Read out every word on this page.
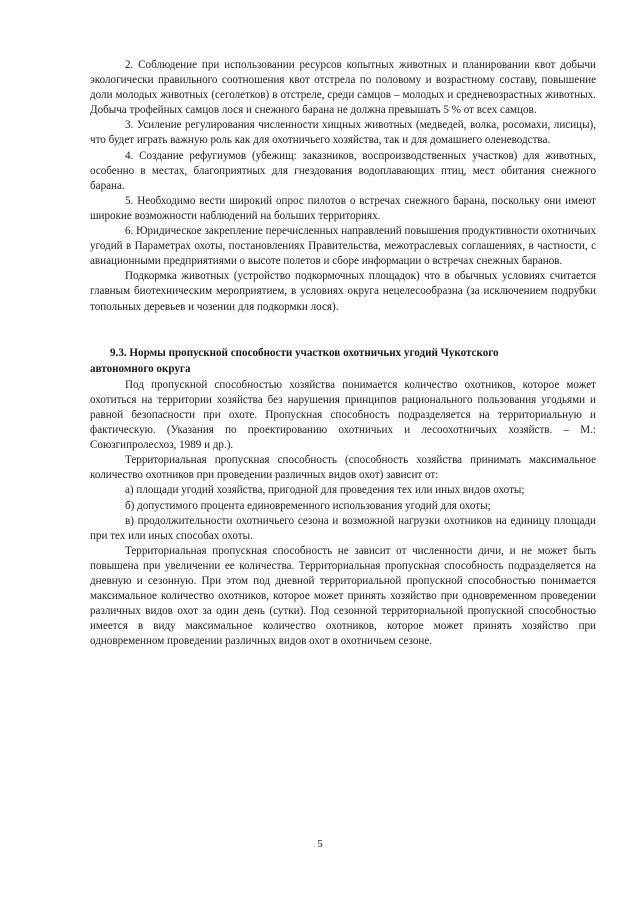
2. Соблюдение при использовании ресурсов копытных животных и планировании квот добычи экологически правильного соотношения квот отстрела по половому и возрастному составу, повышение доли молодых животных (сеголетков) в отстреле, среди самцов – молодых и средневозрастных животных. Добыча трофейных самцов лося и снежного барана не должна превышать 5 % от всех самцов.

3. Усиление регулирования численности хищных животных (медведей, волка, росомахи, лисицы), что будет играть важную роль как для охотничьего хозяйства, так и для домашнего оленеводства.

4. Создание рефугиумов (убежищ: заказников, воспроизводственных участков) для животных, особенно в местах, благоприятных для гнездования водоплавающих птиц, мест обитания снежного барана.

5. Необходимо вести широкий опрос пилотов о встречах снежного барана, поскольку они имеют широкие возможности наблюдений на больших территориях.

6. Юридическое закрепление перечисленных направлений повышения продуктивности охотничьих угодий в Параметрах охоты, постановлениях Правительства, межотраслевых соглашениях, в частности, с авиационными предприятиями о высоте полетов и сборе информации о встречах снежных баранов.

Подкормка животных (устройство подкормочных площадок) что в обычных условиях считается главным биотехническим мероприятием, в условиях округа нецелесообразна (за исключением подрубки топольных деревьев и чозении для подкормки лося).

9.3. Нормы пропускной способности участков охотничьих угодий Чукотского

автономного округа

Под пропускной способностью хозяйства понимается количество охотников, которое может охотиться на территории хозяйства без нарушения принципов рационального пользования угодьями и равной безопасности при охоте. Пропускная способность подразделяется на территориальную и фактическую. (Указания по проектированию охотничьих и лесоохотничьих хозяйств. – М.: Союзгипролесхоз, 1989 и др.).

Территориальная пропускная способность (способность хозяйства принимать максимальное количество охотников при проведении различных видов охот) зависит от:

а) площади угодий хозяйства, пригодной для проведения тех или иных видов охоты;

б) допустимого процента единовременного использования угодий для охоты;

в) продолжительности охотничьего сезона и возможной нагрузки охотников на единицу площади при тех или иных способах охоты.

Территориальная пропускная способность не зависит от численности дичи, и не может быть повышена при увеличении ее количества. Территориальная пропускная способность подразделяется на дневную и сезонную. При этом под дневной территориальной пропускной способностью понимается максимальное количество охотников, которое может принять хозяйство при одновременном проведении различных видов охот за один день (сутки). Под сезонной территориальной пропускной способностью имеется в виду максимальное количество охотников, которое может принять хозяйство при одновременном проведении различных видов охот в охотничьем сезоне.

5
